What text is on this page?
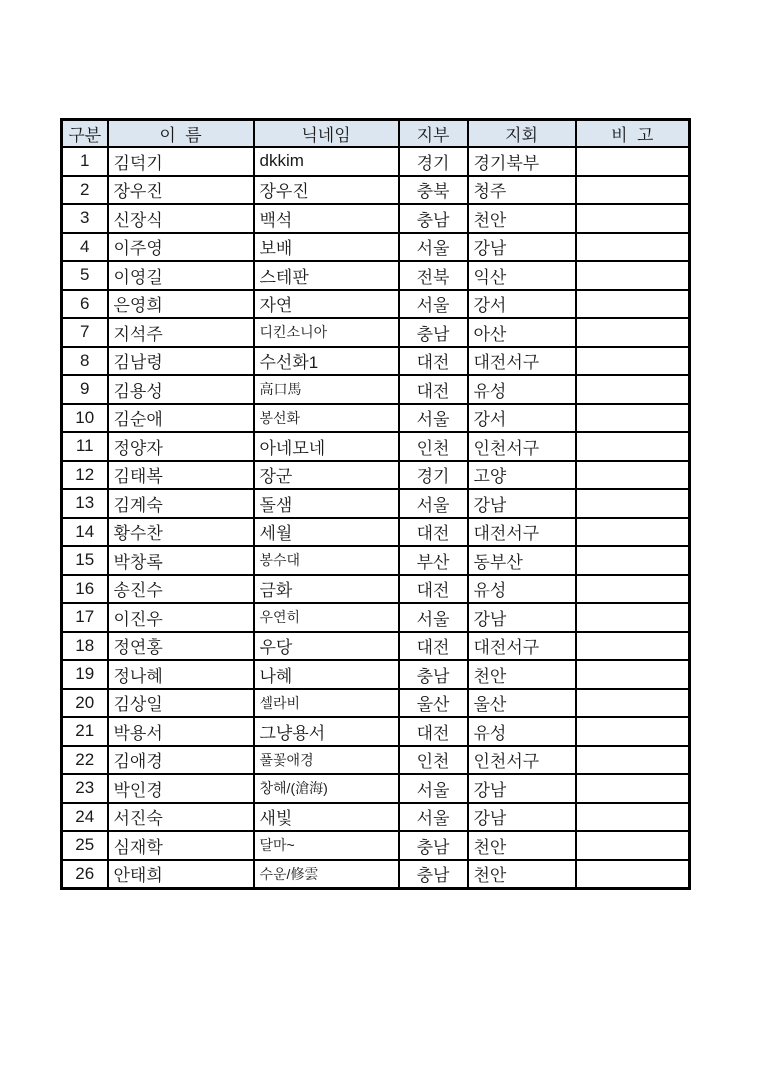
구분	이  름	닉네임	지부	지회	비  고
1	김덕기	dkkim	경기	경기북부	
2	장우진	장우진	충북	청주	
3	신장식	백석	충남	천안	
4	이주영	보배	서울	강남	
5	이영길	스테판	전북	익산	
6	은영희	자연	서울	강서	
7	지석주	디킨소니아	충남	아산	
8	김남령	수선화1	대전	대전서구	
9	김용성	高口馬	대전	유성	
10	김순애	봉선화	서울	강서	
11	정양자	아네모네	인천	인천서구	
12	김태복	장군	경기	고양	
13	김계숙	돌샘	서울	강남	
14	황수찬	세월	대전	대전서구	
15	박창록	봉수대	부산	동부산	
16	송진수	금화	대전	유성	
17	이진우	우연히	서울	강남	
18	정연홍	우당	대전	대전서구	
19	정나혜	나혜	충남	천안	
20	김상일	셀라비	울산	울산	
21	박용서	그냥용서	대전	유성	
22	김애경	풀꽃애경	인천	인천서구	
23	박인경	창해/(滄海)	서울	강남	
24	서진숙	새빛	서울	강남	
25	심재학	달마~	충남	천안	
26	안태희	수운/修雲	충남	천안	
